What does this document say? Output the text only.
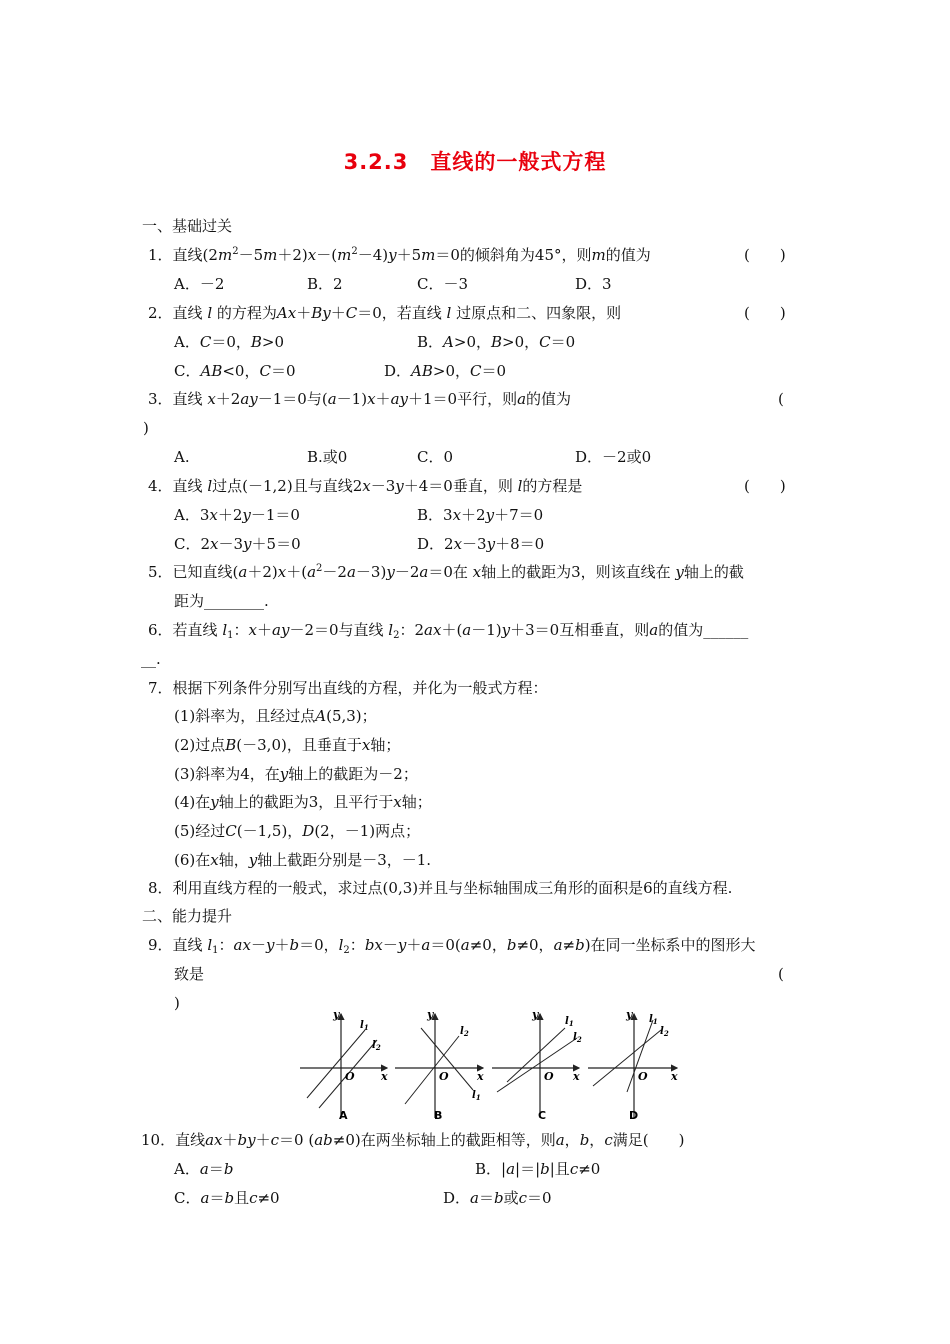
3.2.3　直线的一般式方程
一、基础过关
1．直线$(2m^2-5m+2)x-(m^2-4)y+5m=0$的倾斜角为45°，则m的值为	(　　)
A．－2	B．2	C．－3	D．3
2．直线 l 的方程为Ax＋By＋C＝0，若直线 l 过原点和二、四象限，则	(　　)
A．C＝0，B>0	B．A>0，B>0，C＝0
C．AB<0，C＝0	D．AB>0，C＝0
3．直线 x＋2ay－1＝0与(a－1)x＋ay＋1＝0平行，则a的值为	(
)
A.	B.或0	C．0	D．－2或0
4．直线 l过点(－1,2)且与直线2x－3y＋4＝0垂直，则 l的方程是	(　　)
A．3x＋2y－1＝0	B．3x＋2y＋7＝0
C．2x－3y＋5＝0	D．2x－3y＋8＝0
5．已知直线$(a+2)x+(a^2-2a-3)y-2a=0$在 x轴上的截距为3，则该直线在 y轴上的截
距为________.
6．若直线 $l_1$：x＋ay－2＝0与直线 $l_2$：2ax＋(a－1)y＋3＝0互相垂直，则a的值为______
__.
7．根据下列条件分别写出直线的方程，并化为一般式方程：
(1)斜率为，且经过点A(5,3)；
(2)过点B(－3,0)，且垂直于x轴；
(3)斜率为4，在y轴上的截距为－2；
(4)在y轴上的截距为3，且平行于x轴；
(5)经过C(－1,5)，D(2，－1)两点；
(6)在x轴，y轴上截距分别是－3，－1.
8．利用直线方程的一般式，求过点(0,3)并且与坐标轴围成三角形的面积是6的直线方程.
二、能力提升
9．直线 $l_1$：ax－y＋b＝0，$l_2$：bx－y＋a＝0(a≠0，b≠0，a≠b)在同一坐标系中的图形大
致是	(
)
y
x
O
$l_1$
$l_2$
A
y
x
O
$l_2$
$l_1$
B
y
x
O
$l_1$
$l_2$
C
y
x
O
$l_1$
$l_2$
D
10．直线ax＋by＋c＝0 (ab≠0)在两坐标轴上的截距相等，则a，b，c满足(　　)
A．a＝b	B．|a|＝|b|且c≠0
C．a＝b且c≠0	D．a＝b或c＝0
